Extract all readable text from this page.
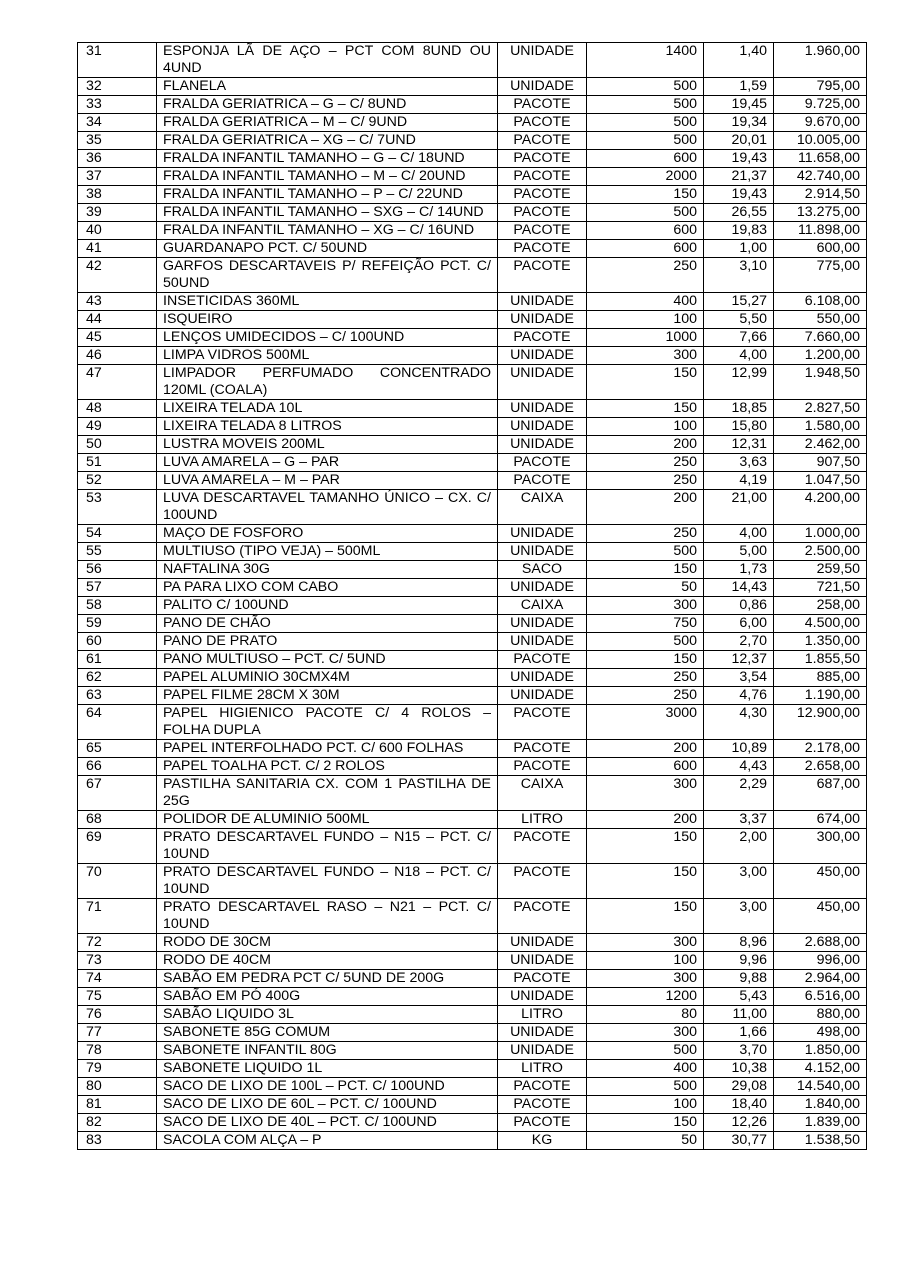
31	ESPONJA LÃ DE AÇO – PCT COM 8UND OU 4UND	UNIDADE	1400	1,40	1.960,00
32	FLANELA	UNIDADE	500	1,59	795,00
33	FRALDA GERIATRICA – G – C/ 8UND	PACOTE	500	19,45	9.725,00
34	FRALDA GERIATRICA – M – C/ 9UND	PACOTE	500	19,34	9.670,00
35	FRALDA GERIATRICA – XG – C/ 7UND	PACOTE	500	20,01	10.005,00
36	FRALDA INFANTIL TAMANHO – G – C/ 18UND	PACOTE	600	19,43	11.658,00
37	FRALDA INFANTIL TAMANHO – M – C/ 20UND	PACOTE	2000	21,37	42.740,00
38	FRALDA INFANTIL TAMANHO – P – C/ 22UND	PACOTE	150	19,43	2.914,50
39	FRALDA INFANTIL TAMANHO – SXG – C/ 14UND	PACOTE	500	26,55	13.275,00
40	FRALDA INFANTIL TAMANHO – XG – C/ 16UND	PACOTE	600	19,83	11.898,00
41	GUARDANAPO PCT. C/ 50UND	PACOTE	600	1,00	600,00
42	GARFOS DESCARTAVEIS P/ REFEIÇÃO PCT. C/ 50UND	PACOTE	250	3,10	775,00
43	INSETICIDAS 360ML	UNIDADE	400	15,27	6.108,00
44	ISQUEIRO	UNIDADE	100	5,50	550,00
45	LENÇOS UMIDECIDOS – C/ 100UND	PACOTE	1000	7,66	7.660,00
46	LIMPA VIDROS 500ML	UNIDADE	300	4,00	1.200,00
47	LIMPADOR PERFUMADO CONCENTRADO 120ML (COALA)	UNIDADE	150	12,99	1.948,50
48	LIXEIRA TELADA 10L	UNIDADE	150	18,85	2.827,50
49	LIXEIRA TELADA 8 LITROS	UNIDADE	100	15,80	1.580,00
50	LUSTRA MOVEIS 200ML	UNIDADE	200	12,31	2.462,00
51	LUVA AMARELA – G – PAR	PACOTE	250	3,63	907,50
52	LUVA AMARELA – M – PAR	PACOTE	250	4,19	1.047,50
53	LUVA DESCARTAVEL TAMANHO ÚNICO – CX. C/ 100UND	CAIXA	200	21,00	4.200,00
54	MAÇO DE FOSFORO	UNIDADE	250	4,00	1.000,00
55	MULTIUSO (TIPO VEJA) – 500ML	UNIDADE	500	5,00	2.500,00
56	NAFTALINA 30G	SACO	150	1,73	259,50
57	PA PARA LIXO COM CABO	UNIDADE	50	14,43	721,50
58	PALITO C/ 100UND	CAIXA	300	0,86	258,00
59	PANO DE CHÃO	UNIDADE	750	6,00	4.500,00
60	PANO DE PRATO	UNIDADE	500	2,70	1.350,00
61	PANO MULTIUSO – PCT. C/ 5UND	PACOTE	150	12,37	1.855,50
62	PAPEL ALUMINIO 30CMX4M	UNIDADE	250	3,54	885,00
63	PAPEL FILME 28CM X 30M	UNIDADE	250	4,76	1.190,00
64	PAPEL HIGIENICO PACOTE C/ 4 ROLOS – FOLHA DUPLA	PACOTE	3000	4,30	12.900,00
65	PAPEL INTERFOLHADO PCT. C/ 600 FOLHAS	PACOTE	200	10,89	2.178,00
66	PAPEL TOALHA PCT. C/ 2 ROLOS	PACOTE	600	4,43	2.658,00
67	PASTILHA SANITARIA CX. COM 1 PASTILHA DE 25G	CAIXA	300	2,29	687,00
68	POLIDOR DE ALUMINIO 500ML	LITRO	200	3,37	674,00
69	PRATO DESCARTAVEL FUNDO – N15 – PCT. C/ 10UND	PACOTE	150	2,00	300,00
70	PRATO DESCARTAVEL FUNDO – N18 – PCT. C/ 10UND	PACOTE	150	3,00	450,00
71	PRATO DESCARTAVEL RASO – N21 – PCT. C/ 10UND	PACOTE	150	3,00	450,00
72	RODO DE 30CM	UNIDADE	300	8,96	2.688,00
73	RODO DE 40CM	UNIDADE	100	9,96	996,00
74	SABÃO EM PEDRA PCT C/ 5UND DE 200G	PACOTE	300	9,88	2.964,00
75	SABÃO EM PÓ 400G	UNIDADE	1200	5,43	6.516,00
76	SABÃO LIQUIDO 3L	LITRO	80	11,00	880,00
77	SABONETE 85G COMUM	UNIDADE	300	1,66	498,00
78	SABONETE INFANTIL 80G	UNIDADE	500	3,70	1.850,00
79	SABONETE LIQUIDO 1L	LITRO	400	10,38	4.152,00
80	SACO DE LIXO DE 100L – PCT. C/ 100UND	PACOTE	500	29,08	14.540,00
81	SACO DE LIXO DE 60L – PCT. C/ 100UND	PACOTE	100	18,40	1.840,00
82	SACO DE LIXO DE 40L – PCT. C/ 100UND	PACOTE	150	12,26	1.839,00
83	SACOLA COM ALÇA – P	KG	50	30,77	1.538,50
